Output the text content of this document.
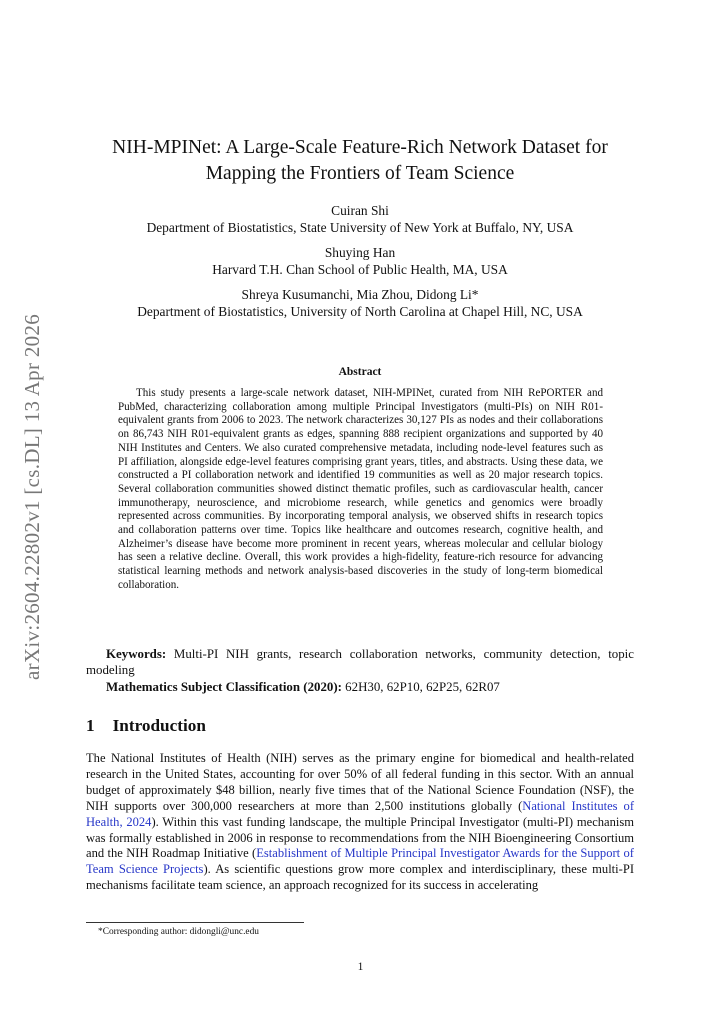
arXiv:2604.22802v1 [cs.DL] 13 Apr 2026
NIH-MPINet: A Large-Scale Feature-Rich Network Dataset for
Mapping the Frontiers of Team Science
Cuiran Shi
Department of Biostatistics, State University of New York at Buffalo, NY, USA
Shuying Han
Harvard T.H. Chan School of Public Health, MA, USA
Shreya Kusumanchi, Mia Zhou, Didong Li*
Department of Biostatistics, University of North Carolina at Chapel Hill, NC, USA
Abstract

This study presents a large-scale network dataset, NIH-MPINet, curated from NIH RePORTER and PubMed, characterizing collaboration among multiple Principal Investigators (multi-PIs) on NIH R01-equivalent grants from 2006 to 2023. The network characterizes 30,127 PIs as nodes and their collaborations on 86,743 NIH R01-equivalent grants as edges, spanning 888 recipient organizations and supported by 40 NIH Institutes and Centers. We also curated comprehensive metadata, including node-level features such as PI affiliation, alongside edge-level features comprising grant years, titles, and abstracts. Using these data, we constructed a PI collaboration network and identified 19 communities as well as 20 major research topics. Several collaboration communities showed distinct thematic profiles, such as cardiovascular health, cancer immunotherapy, neuroscience, and microbiome research, while genetics and genomics were broadly represented across communities. By incorporating temporal analysis, we observed shifts in research topics and collaboration patterns over time. Topics like healthcare and outcomes research, cognitive health, and Alzheimer’s disease have become more prominent in recent years, whereas molecular and cellular biology has seen a relative decline. Overall, this work provides a high-fidelity, feature-rich resource for advancing statistical learning methods and network analysis-based discoveries in the study of long-term biomedical collaboration.

Keywords: Multi-PI NIH grants, research collaboration networks, community detection, topic modeling

Mathematics Subject Classification (2020): 62H30, 62P10, 62P25, 62R07

1 Introduction

The National Institutes of Health (NIH) serves as the primary engine for biomedical and health-related research in the United States, accounting for over 50% of all federal funding in this sector. With an annual budget of approximately $48 billion, nearly five times that of the National Science Foundation (NSF), the NIH supports over 300,000 researchers at more than 2,500 institutions globally (National Institutes of Health, 2024). Within this vast funding landscape, the multiple Principal Investigator (multi-PI) mechanism was formally established in 2006 in response to recommendations from the NIH Bioengineering Consortium and the NIH Roadmap Initiative (Establishment of Multiple Principal Investigator Awards for the Support of Team Science Projects). As scientific questions grow more complex and interdisciplinary, these multi-PI mechanisms facilitate team science, an approach recognized for its success in accelerating

*Corresponding author: didongli@unc.edu
1
